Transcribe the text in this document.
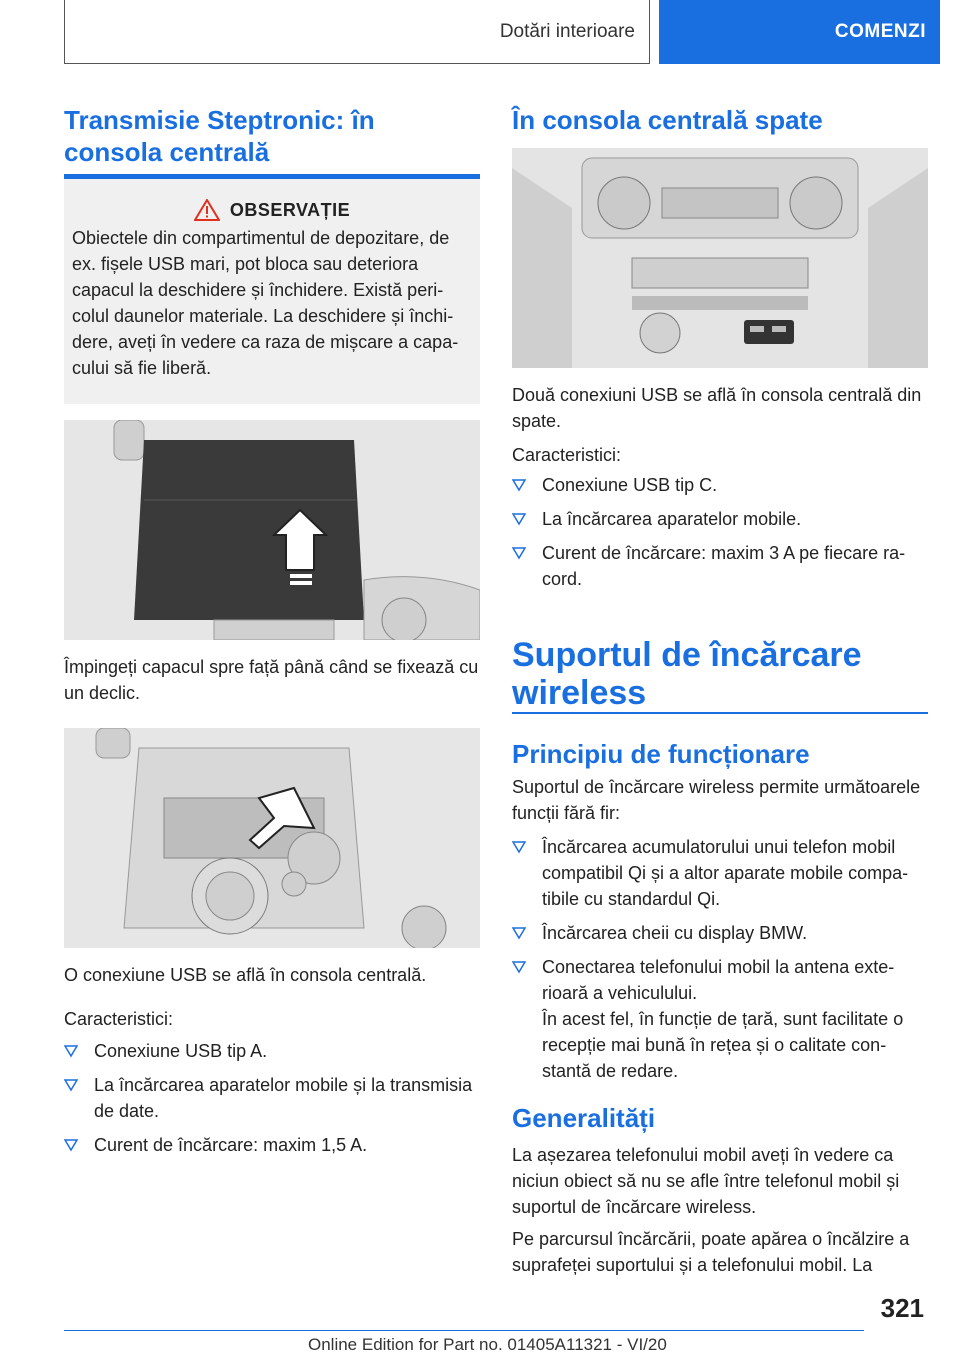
Dotări interioare	COMENZI
Transmisie Steptronic: în consola centrală
OBSERVAȚIE

Obiectele din compartimentul de depozitare, de ex. fișele USB mari, pot bloca sau deteriora capacul la deschidere și închidere. Există pericolul daunelor materiale. La deschidere și închidere, aveți în vedere ca raza de mișcare a capacului să fie liberă.

Împingeți capacul spre față până când se fixează cu un declic.

O conexiune USB se află în consola centrală.

Caracteristici:

Conexiune USB tip A.
La încărcarea aparatelor mobile și la transmisia de date.
Curent de încărcare: maxim 1,5 A.
În consola centrală spate

Două conexiuni USB se află în consola centrală din spate.

Caracteristici:

Conexiune USB tip C.
La încărcarea aparatelor mobile.
Curent de încărcare: maxim 3 A pe fiecare racord.
Suportul de încărcare wireless
Principiu de funcționare

Suportul de încărcare wireless permite următoarele funcții fără fir:

Încărcarea acumulatorului unui telefon mobil compatibil Qi și a altor aparate mobile compatibile cu standardul Qi.
Încărcarea cheii cu display BMW.
Conectarea telefonului mobil la antena exterioară a vehiculului.

În acest fel, în funcție de țară, sunt facilitate o recepție mai bună în rețea și o calitate constantă de redare.

Generalități

La așezarea telefonului mobil aveți în vedere ca niciun obiect să nu se afle între telefonul mobil și suportul de încărcare wireless.

Pe parcursul încărcării, poate apărea o încălzire a suprafeței suportului și a telefonului mobil. La

321
Online Edition for Part no. 01405A11321 - VI/20
